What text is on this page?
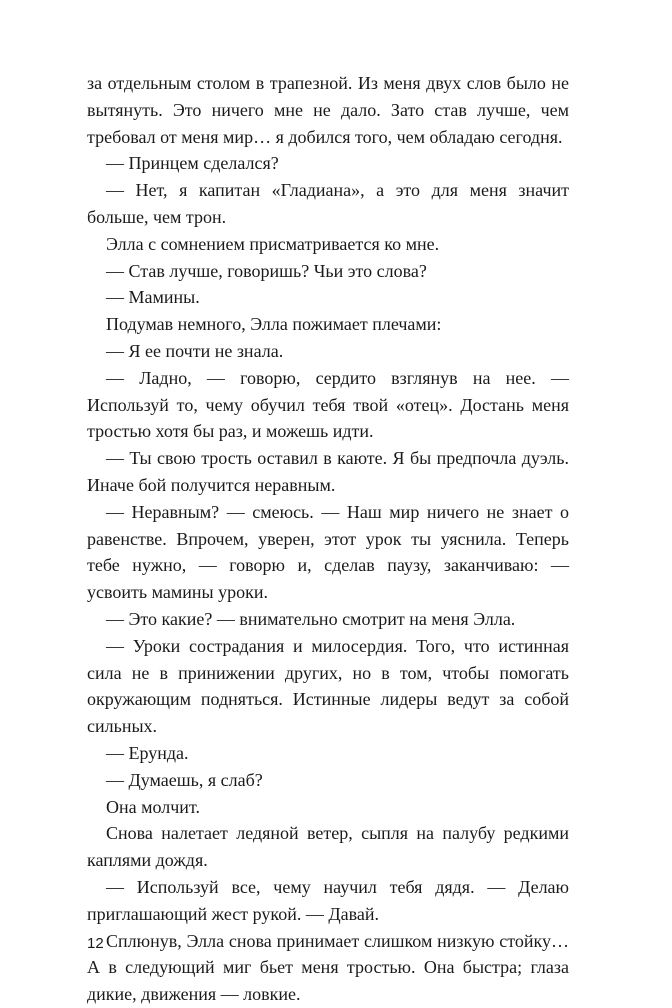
за отдельным столом в трапезной. Из меня двух слов было не вытянуть. Это ничего мне не дало. Зато став лучше, чем требовал от меня мир… я добился того, чем обладаю сегодня.

— Принцем сделался?

— Нет, я капитан «Гладиана», а это для меня значит больше, чем трон.

Элла с сомнением присматривается ко мне.

— Став лучше, говоришь? Чьи это слова?

— Мамины.

Подумав немного, Элла пожимает плечами:

— Я ее почти не знала.

— Ладно, — говорю, сердито взглянув на нее. — Используй то, чему обучил тебя твой «отец». Достань меня тростью хотя бы раз, и можешь идти.

— Ты свою трость оставил в каюте. Я бы предпочла дуэль. Иначе бой получится неравным.

— Неравным? — смеюсь. — Наш мир ничего не знает о равенстве. Впрочем, уверен, этот урок ты уяснила. Теперь тебе нужно, — говорю и, сделав паузу, заканчиваю: — усвоить мамины уроки.

— Это какие? — внимательно смотрит на меня Элла.

— Уроки сострадания и милосердия. Того, что истинная сила не в принижении других, но в том, чтобы помогать окружающим подняться. Истинные лидеры ведут за собой сильных.

— Ерунда.

— Думаешь, я слаб?

Она молчит.

Снова налетает ледяной ветер, сыпля на палубу редкими каплями дождя.

— Используй все, чему научил тебя дядя. — Делаю приглашающий жест рукой. — Давай.

Сплюнув, Элла снова принимает слишком низкую стойку… А в следующий миг бьет меня тростью. Она быстра; глаза дикие, движения — ловкие.

12
